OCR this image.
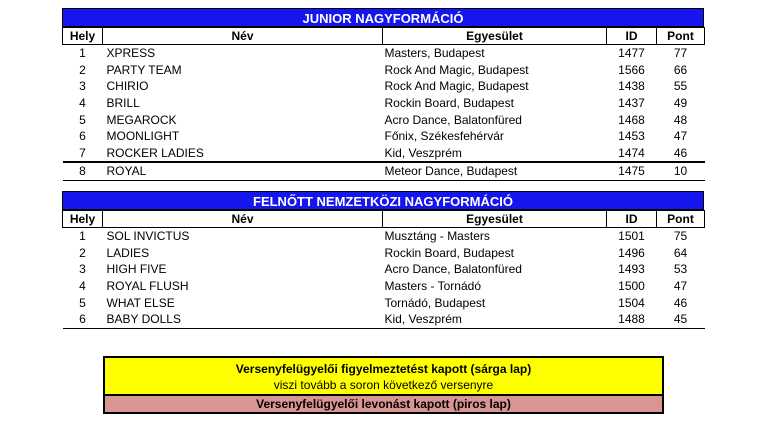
JUNIOR NAGYFORMÁCIÓ
Hely	Név	Egyesület	ID	Pont
1	XPRESS	Masters, Budapest	1477	77
2	PARTY TEAM	Rock And Magic, Budapest	1566	66
3	CHIRIO	Rock And Magic, Budapest	1438	55
4	BRILL	Rockin Board, Budapest	1437	49
5	MEGAROCK	Acro Dance, Balatonfüred	1468	48
6	MOONLIGHT	Főnix, Székesfehérvár	1453	47
7	ROCKER LADIES	Kid, Veszprém	1474	46
8	ROYAL	Meteor Dance, Budapest	1475	10
FELNŐTT NEMZETKÖZI NAGYFORMÁCIÓ
Hely	Név	Egyesület	ID	Pont
1	SOL INVICTUS	Musztáng - Masters	1501	75
2	LADIES	Rockin Board, Budapest	1496	64
3	HIGH FIVE	Acro Dance, Balatonfüred	1493	53
4	ROYAL FLUSH	Masters - Tornádó	1500	47
5	WHAT ELSE	Tornádó, Budapest	1504	46
6	BABY DOLLS	Kid, Veszprém	1488	45
Versenyfelügyelői figyelmeztetést kapott (sárga lap)
viszi tovább a soron következő versenyre
Versenyfelügyelői levonást kapott (piros lap)
